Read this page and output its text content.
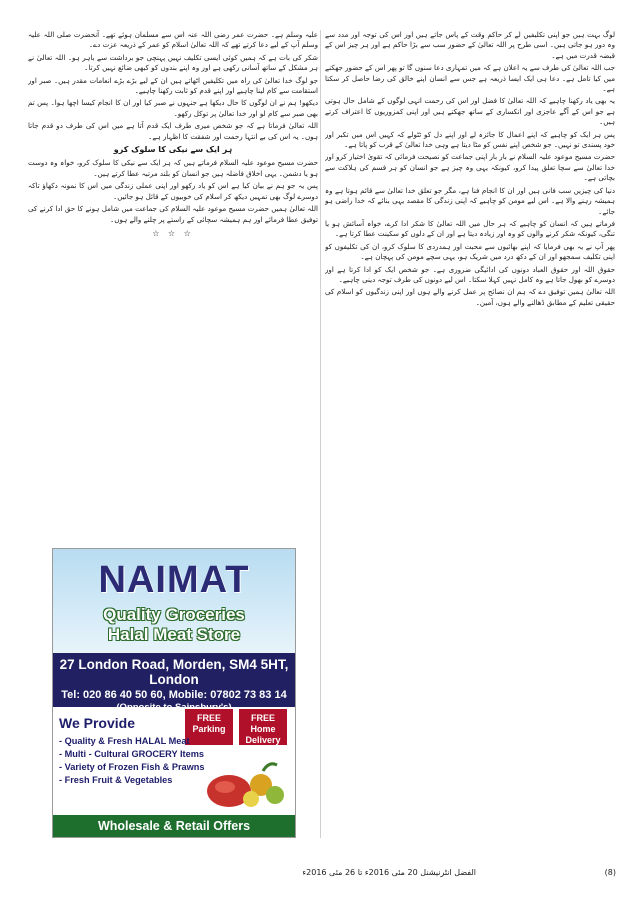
لوگ بہت ہیں جو اپنی تکلیفیں لے کر حاکم وقت کے پاس جاتے ہیں اور اس کی توجہ اور مدد سے وہ دور ہو جاتی ہیں۔ اسی طرح پر اللہ تعالیٰ کے حضور سب سے بڑا حاکم ہے اور ہر چیز اس کے قبضہ قدرت میں ہے۔

جب اللہ تعالیٰ کی طرف سے یہ اعلان ہے کہ میں تمہاری دعا سنوں گا تو پھر اس کے حضور جھکنے میں کیا تامل ہے۔ دعا ہی ایک ایسا ذریعہ ہے جس سے انسان اپنے خالق کی رضا حاصل کر سکتا ہے۔

یہ بھی یاد رکھنا چاہیے کہ اللہ تعالیٰ کا فضل اور اس کی رحمت انہی لوگوں کے شامل حال ہوتی ہے جو اس کے آگے عاجزی اور انکساری کے ساتھ جھکتے ہیں اور اپنی کمزوریوں کا اعتراف کرتے ہیں۔

پس ہر ایک کو چاہیے کہ اپنے اعمال کا جائزہ لے اور اپنے دل کو ٹٹولے کہ کہیں اس میں تکبر اور خود پسندی تو نہیں۔ جو شخص اپنے نفس کو مٹا دیتا ہے وہی خدا تعالیٰ کے قرب کو پاتا ہے۔

حضرت مسیح موعود علیہ السلام نے بار بار اپنی جماعت کو نصیحت فرمائی کہ تقویٰ اختیار کرو اور خدا تعالیٰ سے سچا تعلق پیدا کرو، کیونکہ یہی وہ چیز ہے جو انسان کو ہر قسم کی ہلاکت سے بچاتی ہے۔

دنیا کی چیزیں سب فانی ہیں اور ان کا انجام فنا ہے، مگر جو تعلق خدا تعالیٰ سے قائم ہوتا ہے وہ ہمیشہ رہنے والا ہے۔ اس لیے مومن کو چاہیے کہ اپنی زندگی کا مقصد یہی بنائے کہ خدا راضی ہو جائے۔

فرماتے ہیں کہ انسان کو چاہیے کہ ہر حال میں اللہ تعالیٰ کا شکر ادا کرے، خواہ آسائش ہو یا تنگی، کیونکہ شکر کرنے والوں کو وہ اور زیادہ دیتا ہے اور ان کے دلوں کو سکینت عطا کرتا ہے۔

پھر آپ نے یہ بھی فرمایا کہ اپنے بھائیوں سے محبت اور ہمدردی کا سلوک کرو، ان کی تکلیفوں کو اپنی تکلیف سمجھو اور ان کے دکھ درد میں شریک ہو، یہی سچے مومن کی پہچان ہے۔

حقوق اللہ اور حقوق العباد دونوں کی ادائیگی ضروری ہے۔ جو شخص ایک کو ادا کرتا ہے اور دوسرے کو بھول جاتا ہے وہ کامل نہیں کہلا سکتا۔ اس لیے دونوں کی طرف توجہ دینی چاہیے۔

اللہ تعالیٰ ہمیں توفیق دے کہ ہم ان نصائح پر عمل کرنے والے ہوں اور اپنی زندگیوں کو اسلام کی حقیقی تعلیم کے مطابق ڈھالنے والے ہوں، آمین۔

علیہ وسلم ہے۔ حضرت عمر رضی اللہ عنہ اس سے مسلمان ہوئے تھے۔ آنحضرت صلی اللہ علیہ وسلم آپ کے لیے دعا کرتے تھے کہ اللہ تعالیٰ اسلام کو عمر کے ذریعہ عزت دے۔

شکر کی بات ہے کہ ہمیں کوئی ایسی تکلیف نہیں پہنچی جو برداشت سے باہر ہو۔ اللہ تعالیٰ نے ہر مشکل کے ساتھ آسانی رکھی ہے اور وہ اپنے بندوں کو کبھی ضائع نہیں کرتا۔

جو لوگ خدا تعالیٰ کی راہ میں تکلیفیں اٹھاتے ہیں ان کے لیے بڑے بڑے انعامات مقدر ہیں۔ صبر اور استقامت سے کام لینا چاہیے اور اپنے قدم کو ثابت رکھنا چاہیے۔

دیکھو! ہم نے ان لوگوں کا حال دیکھا ہے جنہوں نے صبر کیا اور ان کا انجام کیسا اچھا ہوا۔ پس تم بھی صبر سے کام لو اور خدا تعالیٰ پر توکل رکھو۔

اللہ تعالیٰ فرماتا ہے کہ جو شخص میری طرف ایک قدم آتا ہے میں اس کی طرف دو قدم جاتا ہوں۔ یہ اس کی بے انتہا رحمت اور شفقت کا اظہار ہے۔

ہر ایک سے نیکی کا سلوک کرو

حضرت مسیح موعود علیہ السلام فرماتے ہیں کہ ہر ایک سے نیکی کا سلوک کرو، خواہ وہ دوست ہو یا دشمن۔ یہی اخلاق فاضلہ ہیں جو انسان کو بلند مرتبہ عطا کرتے ہیں۔

پس یہ جو ہم نے بیان کیا ہے اس کو یاد رکھو اور اپنی عملی زندگی میں اس کا نمونہ دکھاؤ تاکہ دوسرے لوگ بھی تمہیں دیکھ کر اسلام کی خوبیوں کے قائل ہو جائیں۔

اللہ تعالیٰ ہمیں حضرت مسیح موعود علیہ السلام کی جماعت میں شامل ہونے کا حق ادا کرنے کی توفیق عطا فرمائے اور ہم ہمیشہ سچائی کے راستے پر چلنے والے ہوں۔

☆ ☆ ☆
NAIMAT
Quality Groceries
Halal Meat Store
27 London Road, Morden, SM4 5HT, London
Tel: 020 86 40 50 60, Mobile: 07802 73 83 14
We Provide	FREE Parking
FREE Home Delivery
- Quality & Fresh HALAL Meat
- Multi - Cultural GROCERY Items
- Variety of Frozen Fish & Prawns
- Fresh Fruit & Vegetables
Wholesale & Retail Offers
(8)
الفضل انٹرنیشنل 20 مئی 2016ء تا 26 مئی 2016ء
